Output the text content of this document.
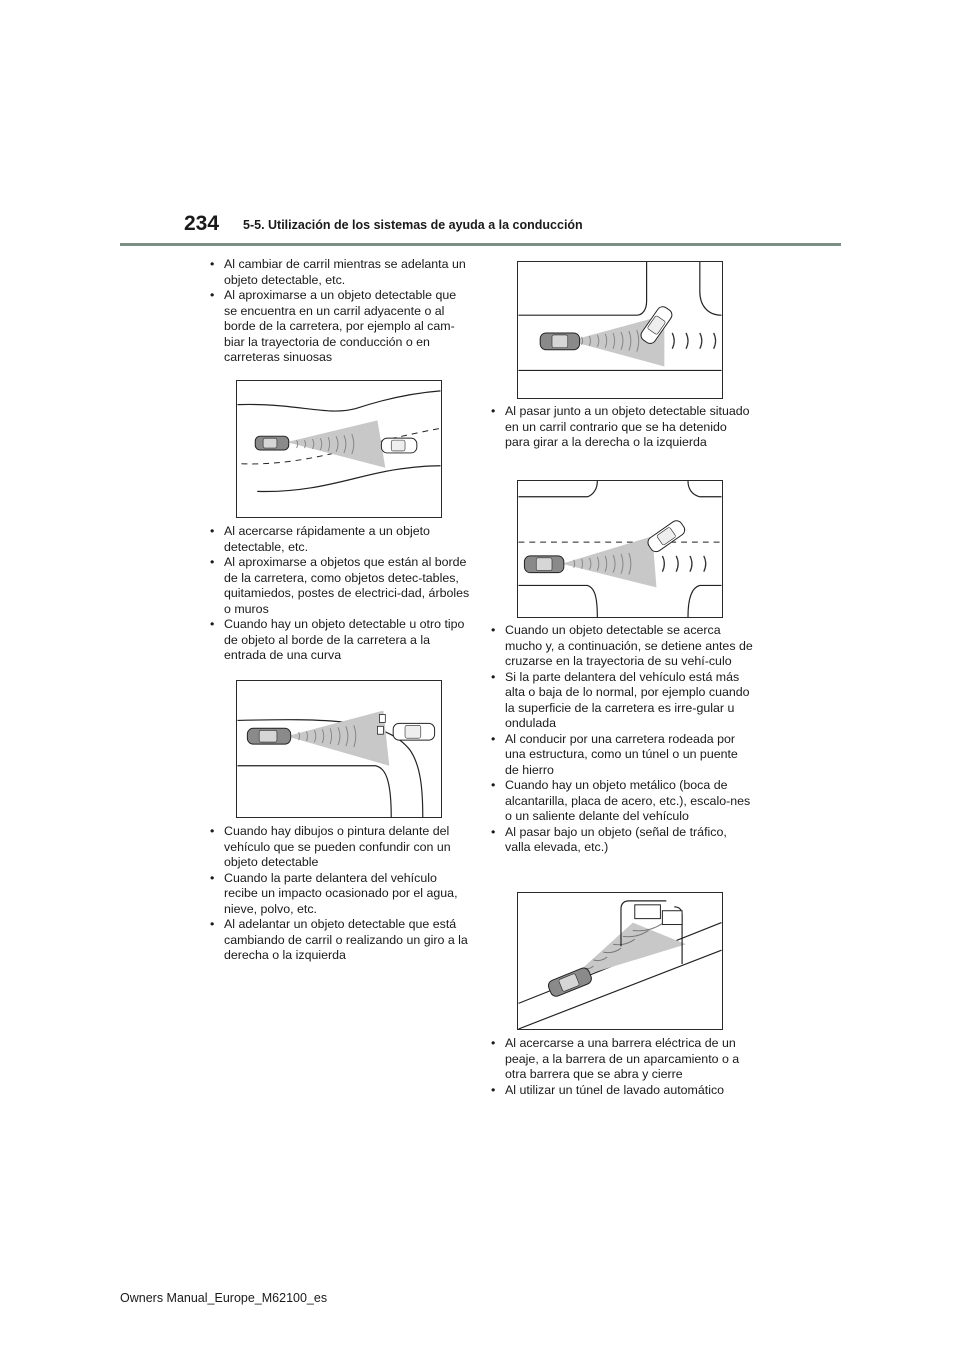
234 5-5. Utilización de los sistemas de ayuda a la conducción
• Al cambiar de carril mientras se adelanta un objeto detectable, etc.
• Al aproximarse a un objeto detectable que se encuentra en un carril adyacente o al borde de la carretera, por ejemplo al cam-biar la trayectoria de conducción o en carreteras sinuosas
• Al acercarse rápidamente a un objeto detectable, etc.
• Al aproximarse a objetos que están al borde de la carretera, como objetos detec-tables, quitamiedos, postes de electrici-dad, árboles o muros
• Cuando hay un objeto detectable u otro tipo de objeto al borde de la carretera a la entrada de una curva
• Cuando hay dibujos o pintura delante del vehículo que se pueden confundir con un objeto detectable
• Cuando la parte delantera del vehículo recibe un impacto ocasionado por el agua, nieve, polvo, etc.
• Al adelantar un objeto detectable que está cambiando de carril o realizando un giro a la derecha o la izquierda
• Al pasar junto a un objeto detectable situado en un carril contrario que se ha detenido para girar a la derecha o la izquierda
• Cuando un objeto detectable se acerca mucho y, a continuación, se detiene antes de cruzarse en la trayectoria de su vehí-culo
• Si la parte delantera del vehículo está más alta o baja de lo normal, por ejemplo cuando la superficie de la carretera es irre-gular u ondulada
• Al conducir por una carretera rodeada por una estructura, como un túnel o un puente de hierro
• Cuando hay un objeto metálico (boca de alcantarilla, placa de acero, etc.), escalo-nes o un saliente delante del vehículo
• Al pasar bajo un objeto (señal de tráfico, valla elevada, etc.)
• Al acercarse a una barrera eléctrica de un peaje, a la barrera de un aparcamiento o a otra barrera que se abra y cierre
• Al utilizar un túnel de lavado automático
Owners Manual_Europe_M62100_es
